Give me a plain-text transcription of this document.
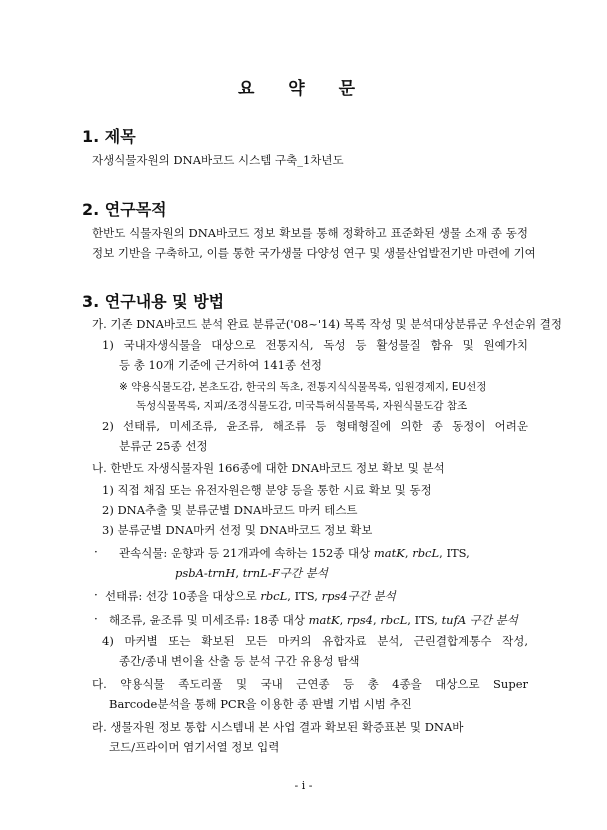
요 약 문
1. 제목
자생식물자원의 DNA바코드 시스템 구축_1차년도
2. 연구목적
한반도 식물자원의 DNA바코드 정보 확보를 통해 정확하고 표준화된 생물 소재 종 동정
정보 기반을 구축하고, 이를 통한 국가생물 다양성 연구 및 생물산업발전기반 마련에 기여
3. 연구내용 및 방법
가. 기존 DNA바코드 분석 완료 분류군('08~'14) 목록 작성 및 분석대상분류군 우선순위 결정
1) 국내자생식물을 대상으로 전통지식, 독성 등 활성물질 함유 및 원예가치
등 총 10개 기준에 근거하여 141종 선정
※ 약용식물도감, 본초도감, 한국의 독초, 전통지식식물목록, 임원경제지, EU선정
독성식물목록, 지피/조경식물도감, 미국특허식물목록, 자원식물도감 참조
2) 선태류, 미세조류, 윤조류, 해조류 등 형태형질에 의한 종 동정이 어려운
분류군 25종 선정
나. 한반도 자생식물자원 166종에 대한 DNA바코드 정보 확보 및 분석
1) 직접 채집 또는 유전자원은행 분양 등을 통한 시료 확보 및 동정
2) DNA추출 및 분류군별 DNA바코드 마커 테스트
3) 분류군별 DNA마커 선정 및 DNA바코드 정보 확보
· 관속식물: 운향과 등 21개과에 속하는 152종 대상 matK, rbcL, ITS,
psbA-trnH, trnL-F구간 분석
· 선태류: 선강 10종을 대상으로 rbcL, ITS, rps4구간 분석
· 해조류, 윤조류 및 미세조류: 18종 대상 matK, rps4, rbcL, ITS, tufA 구간 분석
4) 마커별 또는 확보된 모든 마커의 유합자료 분석, 근린결합계통수 작성,
종간/종내 변이율 산출 등 분석 구간 유용성 탐색
다. 약용식물 족도리풀 및 국내 근연종 등 총 4종을 대상으로 Super
Barcode분석을 통해 PCR을 이용한 종 판별 기법 시범 추진
라. 생물자원 정보 통합 시스템내 본 사업 결과 확보된 확증표본 및 DNA바
코드/프라이머 염기서열 정보 입력
- i -
